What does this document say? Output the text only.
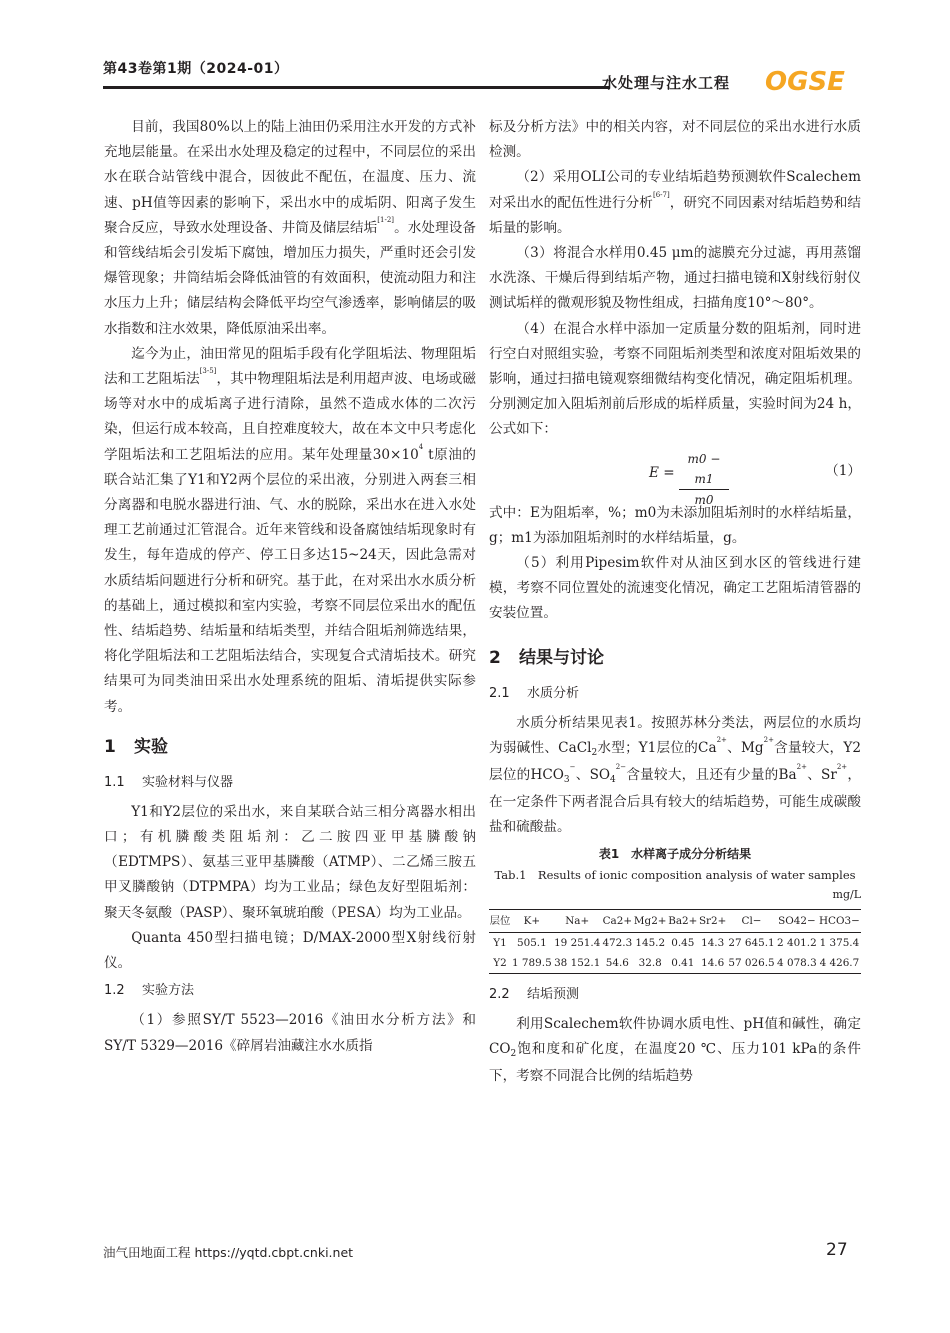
第43卷第1期（2024-01）
水处理与注水工程 OGSE

目前，我国80%以上的陆上油田仍采用注水开发的方式补充地层能量。在采出水处理及稳定的过程中，不同层位的采出水在联合站管线中混合，因彼此不配伍，在温度、压力、流速、pH值等因素的影响下，采出水中的成垢阴、阳离子发生聚合反应，导致水处理设备、井筒及储层结垢[1-2]。水处理设备和管线结垢会引发垢下腐蚀，增加压力损失，严重时还会引发爆管现象；井筒结垢会降低油管的有效面积，使流动阻力和注水压力上升；储层结构会降低平均空气渗透率，影响储层的吸水指数和注水效果，降低原油采出率。

迄今为止，油田常见的阻垢手段有化学阻垢法、物理阻垢法和工艺阻垢法[3-5]，其中物理阻垢法是利用超声波、电场或磁场等对水中的成垢离子进行清除，虽然不造成水体的二次污染，但运行成本较高，且自控难度较大，故在本文中只考虑化学阻垢法和工艺阻垢法的应用。某年处理量$30\times 10^4$ t原油的联合站汇集了Y1和Y2两个层位的采出液，分别进入两套三相分离器和电脱水器进行油、气、水的脱除，采出水在进入水处理工艺前通过汇管混合。近年来管线和设备腐蚀结垢现象时有发生，每年造成的停产、停工日多达15~24天，因此急需对水质结垢问题进行分析和研究。基于此，在对采出水水质分析的基础上，通过模拟和室内实验，考察不同层位采出水的配伍性、结垢趋势、结垢量和结垢类型，并结合阻垢剂筛选结果，将化学阻垢法和工艺阻垢法结合，实现复合式清垢技术。研究结果可为同类油田采出水处理系统的阻垢、清垢提供实际参考。

1 实验
1.1 实验材料与仪器

Y1和Y2层位的采出水，来自某联合站三相分离器水相出口；有机膦酸类阻垢剂：乙二胺四亚甲基膦酸钠（EDTMPS）、氨基三亚甲基膦酸（ATMP）、二乙烯三胺五甲叉膦酸钠（DTPMPA）均为工业品；绿色友好型阻垢剂：聚天冬氨酸（PASP）、聚环氧琥珀酸（PESA）均为工业品。

Quanta 450型扫描电镜；D/MAX-2000型X射线衍射仪。

1.2 实验方法

（1）参照SY/T 5523—2016《油田水分析方法》和SY/T 5329—2016《碎屑岩油藏注水水质指

标及分析方法》中的相关内容，对不同层位的采出水进行水质检测。

（2）采用OLI公司的专业结垢趋势预测软件Scalechem对采出水的配伍性进行分析[6-7]，研究不同因素对结垢趋势和结垢量的影响。

（3）将混合水样用0.45 μm的滤膜充分过滤，再用蒸馏水洗涤、干燥后得到结垢产物，通过扫描电镜和X射线衍射仪测试垢样的微观形貌及物性组成，扫描角度10°～80°。

（4）在混合水样中添加一定质量分数的阻垢剂，同时进行空白对照组实验，考察不同阻垢剂类型和浓度对阻垢效果的影响，通过扫描电镜观察细微结构变化情况，确定阻垢机理。分别测定加入阻垢剂前后形成的垢样质量，实验时间为24 h，公式如下：

$E = \frac{m0 - m1}{m0}$	（1）

式中：E为阻垢率，%；m0为未添加阻垢剂时的水样结垢量，g；m1为添加阻垢剂时的水样结垢量，g。

（5）利用Pipesim软件对从油区到水区的管线进行建模，考察不同位置处的流速变化情况，确定工艺阻垢清管器的安装位置。

2 结果与讨论
2.1 水质分析

水质分析结果见表1。按照苏林分类法，两层位的水质均为弱碱性、CaCl$_2$水型；Y1层位的$Ca^{2+}$、$Mg^{2+}$含量较大，Y2层位的$HCO_3^-$、$SO_4^{2-}$含量较大，且还有少量的$Ba^{2+}$、$Sr^{2+}$，在一定条件下两者混合后具有较大的结垢趋势，可能生成碳酸盐和硫酸盐。

表1　水样离子成分分析结果
Tab.1　Results of ionic composition analysis of water samples
mg/L
层位	K+	Na+	Ca2+	Mg2+	Ba2+	Sr2+	Cl−	SO42−	HCO3−
Y1	505.1	19 251.4	472.3	145.2	0.45	14.3	27 645.1	2 401.2	1 375.4
Y2	1 789.5	38 152.1	54.6	32.8	0.41	14.6	57 026.5	4 078.3	4 426.7
2.2 结垢预测

利用Scalechem软件协调水质电性、pH值和碱性，确定$CO_2$饱和度和矿化度，在温度20 ℃、压力101 kPa的条件下，考察不同混合比例的结垢趋势

油气田地面工程 https://yqtd.cbpt.cnki.net	27
